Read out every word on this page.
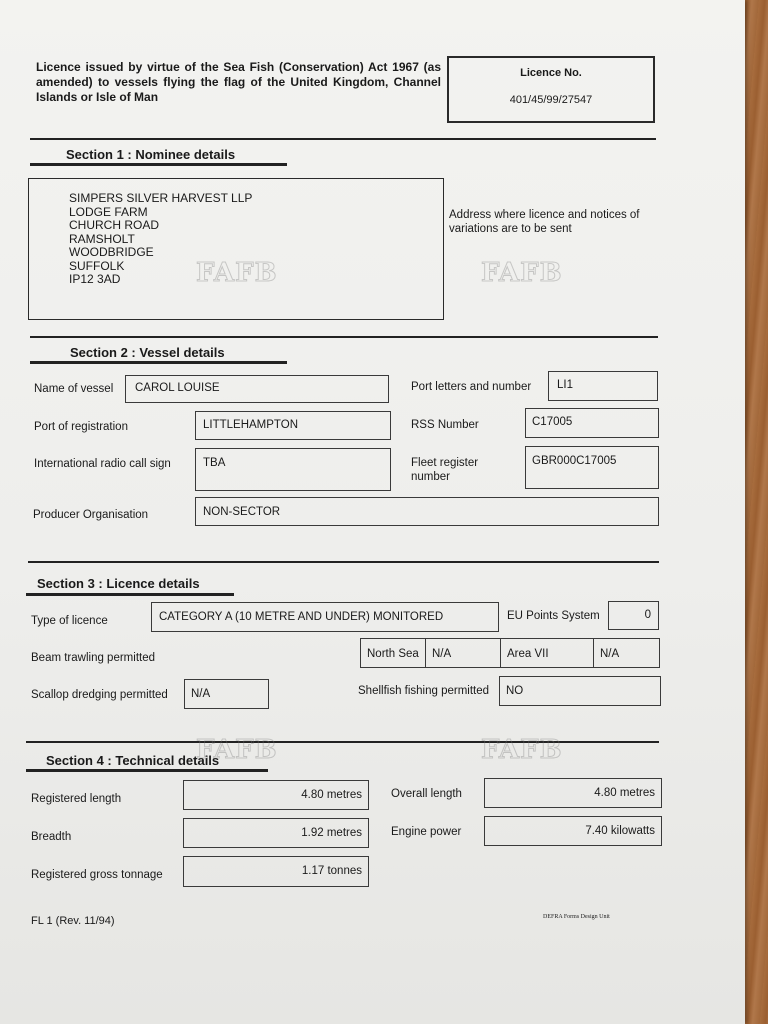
Licence issued by virtue of the Sea Fish (Conservation) Act 1967 (as amended) to vessels flying the flag of the United Kingdom, Channel Islands or Isle of Man
Licence No.
401/45/99/27547
Section 1 : Nominee details
SIMPERS SILVER HARVEST LLP
LODGE FARM
CHURCH ROAD
RAMSHOLT
WOODBRIDGE
SUFFOLK
IP12 3AD
Address where licence and notices of variations are to be sent
FAFB	FAFB
Section 2 : Vessel details
Name of vessel CAROL LOUISE	Port letters and number LI1
Port of registration	LITTLEHAMPTON	RSS Number	C17005
International radio call sign	TBA	Fleet register
number
GBR000C17005
Producer Organisation	NON-SECTOR
Section 3 : Licence details
Type of licence	CATEGORY A (10 METRE AND UNDER) MONITORED	EU Points System	0
Beam trawling permitted	North Sea N/A	Area VII	N/A
Scallop dredging permitted N/A	Shellfish fishing permitted NO
Section 4 : Technical details
FAFB	FAFB
Registered length	4.80 metres	Overall length	4.80 metres
Breadth	1.92 metres	Engine power	7.40 kilowatts
Registered gross tonnage	1.17 tonnes
FL 1 (Rev. 11/94)	DEFRA Forms Design Unit
